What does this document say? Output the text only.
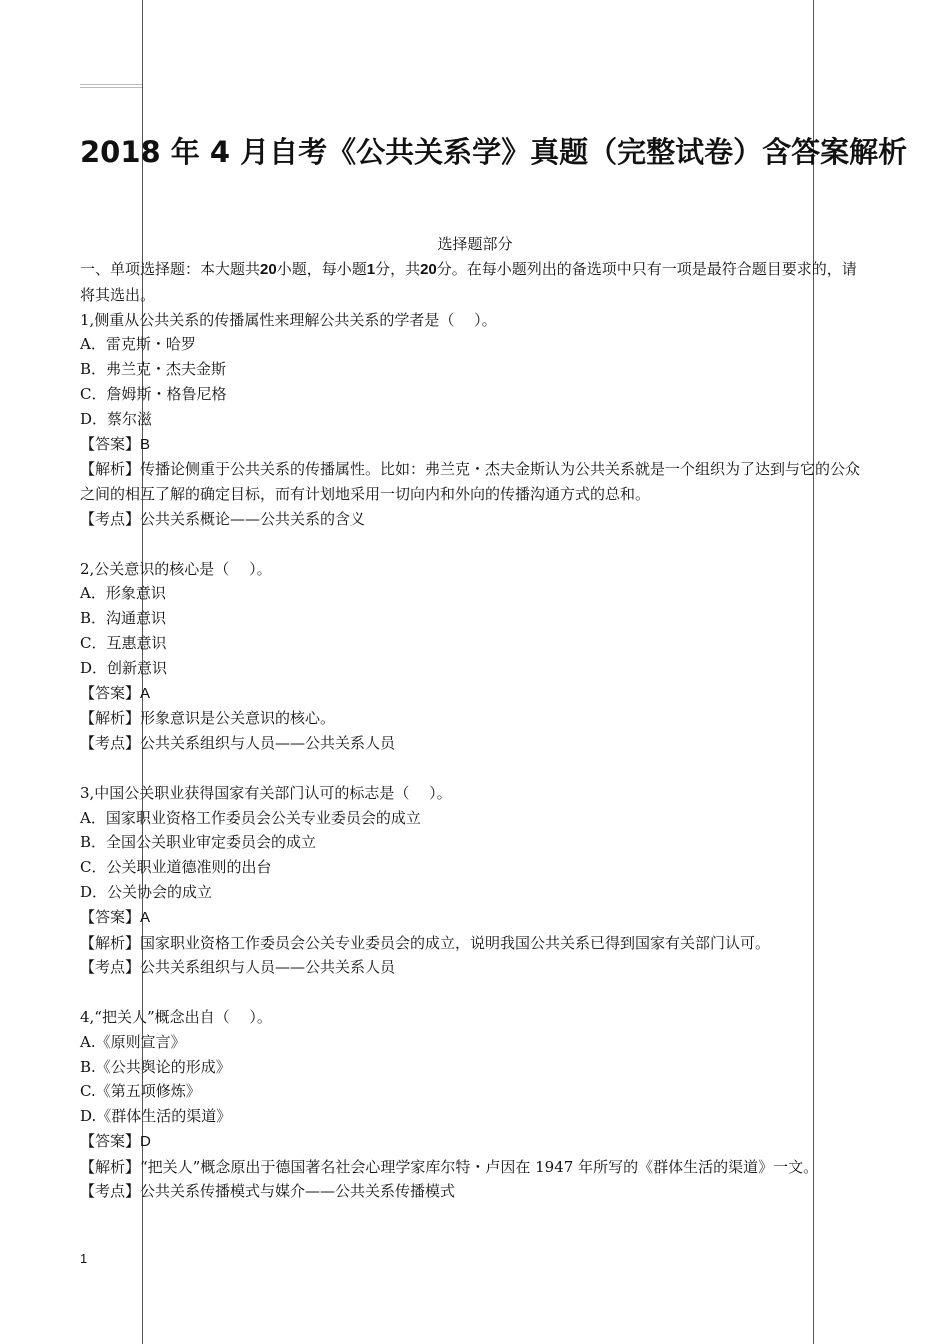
2018 年 4 月自考《公共关系学》真题（完整试卷）含答案解析
选择题部分

一、单项选择题：本大题共20小题，每小题1分，共20分。在每小题列出的备选项中只有一项是最符合题目要求的，请将其选出。

1,侧重从公共关系的传播属性来理解公共关系的学者是（　 ）。

A．雷克斯・哈罗

B．弗兰克・杰夫金斯

C．詹姆斯・格鲁尼格

D．蔡尔滋

【答案】B

【解析】传播论侧重于公共关系的传播属性。比如：弗兰克・杰夫金斯认为公共关系就是一个组织为了达到与它的公众之间的相互了解的确定目标，而有计划地采用一切向内和外向的传播沟通方式的总和。

【考点】公共关系概论——公共关系的含义

2,公关意识的核心是（　 ）。

A．形象意识

B．沟通意识

C．互惠意识

D．创新意识

【答案】A

【解析】形象意识是公关意识的核心。

【考点】公共关系组织与人员——公共关系人员

3,中国公关职业获得国家有关部门认可的标志是（　 ）。

A．国家职业资格工作委员会公关专业委员会的成立

B．全国公关职业审定委员会的成立

C．公关职业道德准则的出台

D．公关协会的成立

【答案】A

【解析】国家职业资格工作委员会公关专业委员会的成立，说明我国公共关系已得到国家有关部门认可。

【考点】公共关系组织与人员——公共关系人员

4,“把关人”概念出自（　 ）。

A.《原则宣言》

B.《公共舆论的形成》

C.《第五项修炼》

D.《群体生活的渠道》

【答案】D

【解析】“把关人”概念原出于德国著名社会心理学家库尔特・卢因在 1947 年所写的《群体生活的渠道》一文。

【考点】公共关系传播模式与媒介——公共关系传播模式

1
